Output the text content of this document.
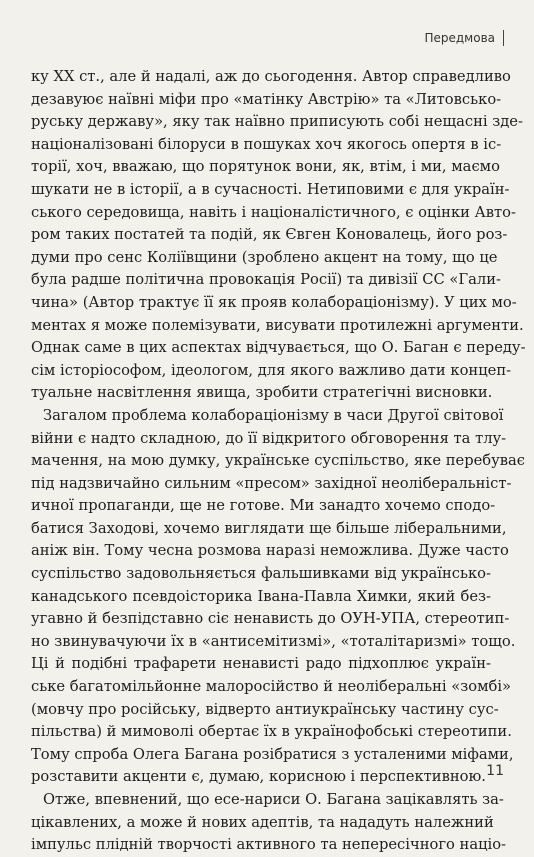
Передмова
ку XX ст., але й надалі, аж до сьогодення. Автор справедливо
дезавуює наївні міфи про «матінку Австрію» та «Литовсько-
руську державу», яку так наївно приписують собі нещасні зде-
націоналізовані білоруси в пошуках хоч якогось опертя в іс-
торії, хоч, вважаю, що порятунок вони, як, втім, і ми, маємо
шукати не в історії, а в сучасності. Нетиповими є для україн-
ського середовища, навіть і націоналістичного, є оцінки Авто-
ром таких постатей та подій, як Євген Коновалець, його роз-
думи про сенс Коліївщини (зроблено акцент на тому, що це
була радше політична провокація Росії) та дивізії СС «Гали-
чина» (Автор трактує її як прояв колабораціонізму). У цих мо-
ментах я може полемізувати, висувати протилежні аргументи.
Однак саме в цих аспектах відчувається, що О. Баган є переду-
сім історіософом, ідеологом, для якого важливо дати концеп-
туальне насвітлення явища, зробити стратегічні висновки.
Загалом проблема колабораціонізму в часи Другої світової
війни є надто складною, до її відкритого обговорення та тлу-
мачення, на мою думку, українське суспільство, яке перебуває
під надзвичайно сильним «пресом» західної неоліберальніст-
ичної пропаганди, ще не готове. Ми занадто хочемо сподо-
батися Заходові, хочемо виглядати ще більше ліберальними,
аніж він. Тому чесна розмова наразі неможлива. Дуже часто
суспільство задовольняється фальшивками від українсько-
канадського псевдоісторика Івана-Павла Химки, який без-
угавно й безпідставно сіє ненависть до ОУН-УПА, стереотип-
но звинувачуючи їх в «антисемітизмі», «тоталітаризмі» тощо.
Ці й подібні трафарети ненависті радо підхоплює україн-
ське багатомільйонне малоросійство й неоліберальні «зомбі»
(мовчу про російську, відверто антиукраїнську частину сус-
пільства) й мимоволі обертає їх в українофобські стереотипи.
Тому спроба Олега Багана розібратися з усталеними міфами,
розставити акценти є, думаю, корисною і перспективною.
Отже, впевнений, що есе-нариси О. Багана зацікавлять за-
цікавлених, а може й нових адептів, та нададуть належний
імпульс плідній творчості активного та непересічного націо-
11
